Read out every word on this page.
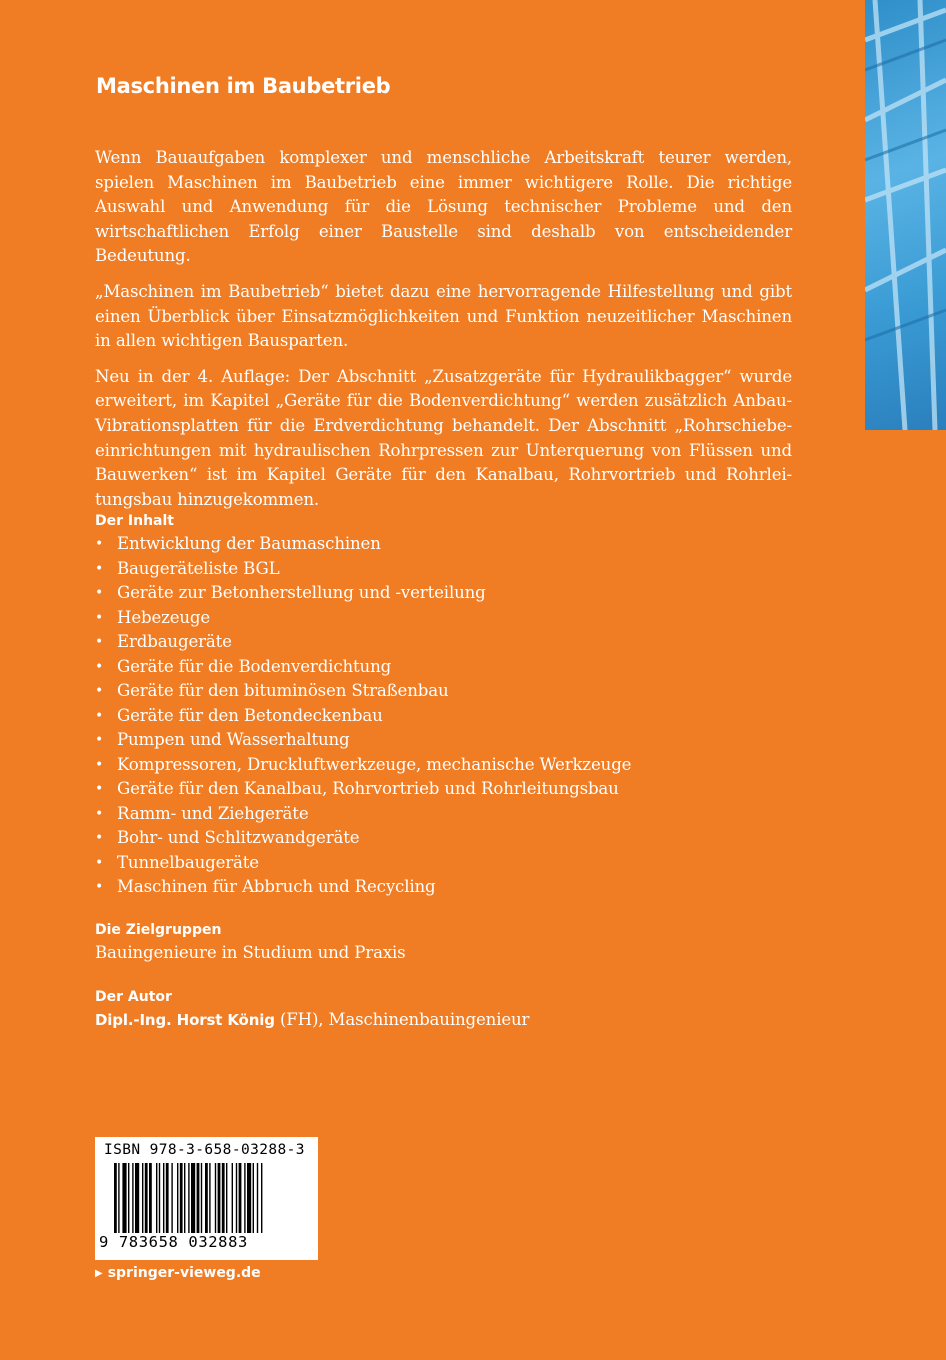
Maschinen im Baubetrieb

Wenn Bauaufgaben komplexer und menschliche Arbeitskraft teurer werden, spielen Maschinen im Baubetrieb eine immer wichtigere Rolle. Die richtige Auswahl und Anwendung für die Lösung technischer Probleme und den wirtschaftlichen Erfolg einer Baustelle sind deshalb von entscheidender Bedeutung.

„Maschinen im Baubetrieb“ bietet dazu eine hervorragende Hilfestellung und gibt einen Überblick über Einsatzmöglichkeiten und Funktion neuzeitlicher Maschinen in allen wichtigen Bausparten.

Neu in der 4. Auflage: Der Abschnitt „Zusatzgeräte für Hydraulikbagger“ wurde erweitert, im Kapitel „Geräte für die Bodenverdichtung“ werden zusätzlich Anbau-Vibrationsplatten für die Erdverdichtung behandelt. Der Abschnitt „Rohrschiebe-einrichtungen mit hydraulischen Rohrpressen zur Unterquerung von Flüssen und Bauwerken“ ist im Kapitel Geräte für den Kanalbau, Rohrvortrieb und Rohrlei-tungsbau hinzugekommen.

Der Inhalt
• Entwicklung der Baumaschinen
• Baugeräteliste BGL
• Geräte zur Betonherstellung und -verteilung
• Hebezeuge
• Erdbaugeräte
• Geräte für die Bodenverdichtung
• Geräte für den bituminösen Straßenbau
• Geräte für den Betondeckenbau
• Pumpen und Wasserhaltung
• Kompressoren, Druckluftwerkzeuge, mechanische Werkzeuge
• Geräte für den Kanalbau, Rohrvortrieb und Rohrleitungsbau
• Ramm- und Ziehgeräte
• Bohr- und Schlitzwandgeräte
• Tunnelbaugeräte
• Maschinen für Abbruch und Recycling
Die Zielgruppen
Bauingenieure in Studium und Praxis
Der Autor
Dipl.-Ing. Horst König (FH), Maschinenbauingenieur
ISBN 978-3-658-03288-3
9 783658 032883
▶ springer-vieweg.de
